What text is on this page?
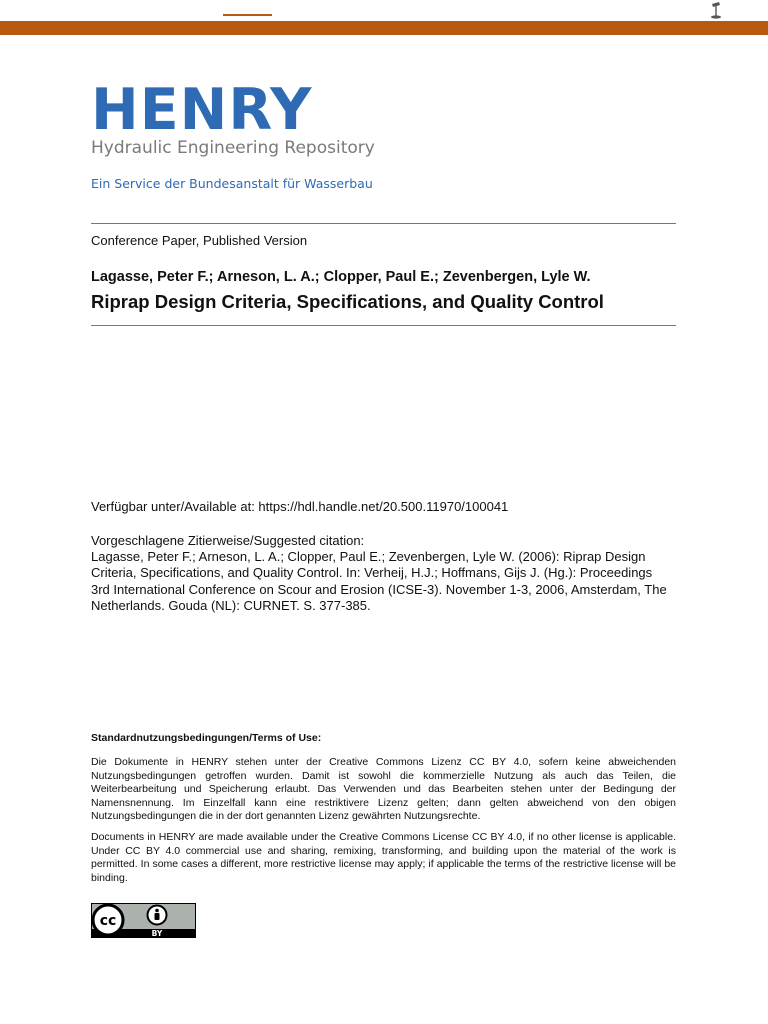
HENRY
Hydraulic Engineering Repository
Ein Service der Bundesanstalt für Wasserbau
Conference Paper, Published Version
Lagasse, Peter F.; Arneson, L. A.; Clopper, Paul E.; Zevenbergen, Lyle W.
Riprap Design Criteria, Specifications, and Quality Control
Verfügbar unter/Available at: https://hdl.handle.net/20.500.11970/100041
Vorgeschlagene Zitierweise/Suggested citation:
Lagasse, Peter F.; Arneson, L. A.; Clopper, Paul E.; Zevenbergen, Lyle W. (2006): Riprap Design Criteria, Specifications, and Quality Control. In: Verheij, H.J.; Hoffmans, Gijs J. (Hg.): Proceedings 3rd International Conference on Scour and Erosion (ICSE-3). November 1-3, 2006, Amsterdam, The Netherlands. Gouda (NL): CURNET. S. 377-385.
Standardnutzungsbedingungen/Terms of Use:
Die Dokumente in HENRY stehen unter der Creative Commons Lizenz CC BY 4.0, sofern keine abweichenden Nutzungsbedingungen getroffen wurden. Damit ist sowohl die kommerzielle Nutzung als auch das Teilen, die Weiterbearbeitung und Speicherung erlaubt. Das Verwenden und das Bearbeiten stehen unter der Bedingung der Namensnennung. Im Einzelfall kann eine restriktivere Lizenz gelten; dann gelten abweichend von den obigen Nutzungsbedingungen die in der dort genannten Lizenz gewährten Nutzungsrechte.
Documents in HENRY are made available under the Creative Commons License CC BY 4.0, if no other license is applicable. Under CC BY 4.0 commercial use and sharing, remixing, transforming, and building upon the material of the work is permitted. In some cases a different, more restrictive license may apply; if applicable the terms of the restrictive license will be binding.
cc
BY
